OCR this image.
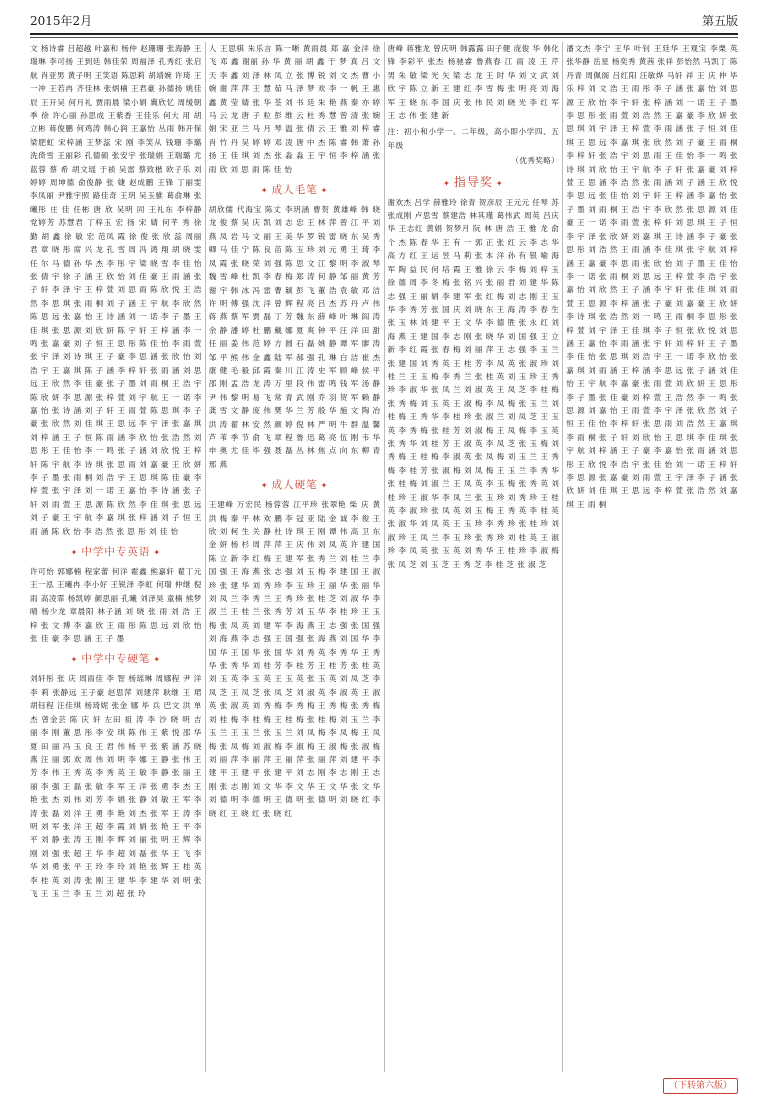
2015年2月	第五版
文 杨诗睿 吕超越 叶嘉和 杨仲 赵珊珊 张海静 王瑞琳 李可扬 王到廷 韩佳荣 周福泽 孔秀红 张启航 肖亚男 黄子明 王笑语 陈思莉 胡靖婉 许琦 王一冲 王若冉 齐佳林 张炳楠 王君豪 孙德扬 姚佳辰 王开吴 何月礼 贾雨晨 梁小娟 冀欣忆 周缓朝 季 徐 许心丽 孙思成 王紫香 王佳乐 何大 用 胡立彬 蒋俊鹏 何鸡涛 韩心润 王嘉怡 丛雨 韩开保 梁肥虹 宋梓涵 王梦蕊 宋 刚 李笑从 钱珊 李璐 洗倚雪 王丽彩 孔德硕 张安宇 张瑞娟 王瑞璐 尤蓝蓉 蔡 希 胡文瑶 于祯 吴雷 蔡致楷 欧子乐 刘婷婷 周坤德 俞俊静 张 婕 赵成鹏 王锋 丁丽雯 李凤丽 尹雅宇照 路佳奇 王玥 吴玉骓 葛俞琳 张曦彤 庄 佳 任彬 唐 欣 吴明 同 王礼东 李梓静 党婷芳 苏慧君 丁梓玉 宏 扬 宋 婧 何芊 秀 徐 勤 胡 鑫 徐 敏 宏 范凤 霞 徐 俊 张 欣 蕊 周丽 君 章 晓 彤 席 兴 龙 孔 雪 周 冯 鸿 翔 胡 晓 雯 任 尔 马 德 孙 华 杰 李 彤 宇 梁 晓 雪 李 佳 怡 张 倩 宇 徐 子 涵 王 欣 怡 刘 佳 豪 王 雨 涵 张 子 轩 李 泽 宇 王 梓 萱 刘 思 雨 陈 欣 悦 王 浩 然 李 思 琪 张 雨 桐 刘 子 涵 王 宇 航 李 欣 然 陈 思 远 张 嘉 怡 王 诗 涵 刘 一 诺 李 子 墨 王 佳 琪 张 思 源 刘 欣 妍 陈 宇 轩 王 梓 涵 李 一 鸣 张 嘉 豪 刘 子 恒 王 思 彤 陈 佳 怡 李 雨 萱 张 宇 泽 刘 诗 琪 王 子 豪 李 思 涵 张 欣 怡 刘 浩 宇 王 嘉 琪 陈 子 涵 李 梓 轩 张 雨 涵 刘 思 远 王 欣 然 李 佳 豪 张 子 墨 刘 雨 桐 王 浩 宇 陈 欣 妍 李 思 源 张 梓 萱 刘 宇 航 王 一 诺 李 嘉 怡 张 诗 涵 刘 子 轩 王 雨 萱 陈 思 琪 李 子 豪 张 欣 然 刘 佳 琪 王 思 远 李 宇 泽 张 嘉 琪 刘 梓 涵 王 子 恒 陈 雨 涵 李 欣 怡 张 浩 然 刘 思 彤 王 佳 怡 李 一 鸣 张 子 涵 刘 欣 悦 王 梓 轩 陈 宇 航 李 诗 琪 张 思 雨 刘 嘉 豪 王 欣 妍 李 子 墨 张 雨 桐 刘 浩 宇 王 思 琪 陈 佳 豪 李 梓 萱 张 宇 泽 刘 一 诺 王 嘉 怡 李 诗 涵 张 子 轩 刘 雨 萱 王 思 源 陈 欣 然 李 佳 琪 张 思 远 刘 子 豪 王 宇 航 李 嘉 琪 张 梓 涵 刘 子 恒 王 雨 涵 陈 欣 怡 李 浩 然 张 思 彤 刘 佳 怡
✦ 中学中专英语 ✦
许可怡 郭娜楠 程家蕾 何洋 霍鑫 熊嘉轩 翟丁元 王一泓 王曦冉 李小好 王锐泽 李虹 何瑞 仲继 倪雨 高凌霏 杨凯婷 颜思丽 孔曦 刘泽昊 童楠 熊梦晴 杨少龙 章晨阳 林子涵 刘 晓 张 雨 刘 浩 王 梓 张 文 博 李 嘉 欣 王 雨 彤 陈 思 远 刘 欣 怡 张 佳 豪 李 思 涵 王 子 墨
✦ 中学中专硬笔 ✦
刘轩彤 张 庆 周雨佳 李 智 杨瑶琳 周娜程 尹 洋 李 莉 张静远 王子豪 赵思萍 刘建萍 耿继 王 珺 胡钰程 汪佳琪 杨琦妮 张金 娜 毕 兵 巴文 洪 单 杰 曾金芸 陈 庆 轩 左田 祖 涛 李 沙 晓 明 吉 丽 李 刚 董 思 彤 李 安 琪 陈 伟 王 紫 悦 邵 华 夏 田 丽 冯 玉 良 王 君 伟 杨 平 张 紫 涵 苏 晓 燕 汪 丽 郭 欢 周 伟 刘 明 李 娜 王 静 张 伟 王 芳 李 伟 王 秀 英 李 秀 英 王 敏 李 静 张 丽 王 丽 李 强 王 磊 张 敏 李 军 王 洋 张 勇 李 杰 王 艳 张 杰 刘 伟 刘 芳 李 娟 张 静 刘 敏 王 军 李 涛 张 磊 刘 洋 王 勇 李 艳 刘 杰 张 军 王 涛 李 明 刘 军 张 洋 王 超 李 霞 刘 娟 张 艳 王 平 李 平 刘 静 张 涛 王 刚 李 辉 刘 丽 张 明 王 辉 李 刚 刘 强 张 超 王 华 李 超 刘 磊 张 华 王 飞 李 华 刘 勇 张 平 王 玲 李 玲 刘 艳 张 辉 王 桂 英 李 桂 英 刘 涛 张 刚 王 建 华 李 建 华 刘 明 张 飞 王 玉 兰 李 玉 兰 刘 超 张 玲
人 王思棋 朱乐言 陈一晰 黄雨晨 郑 嘉 金洋 徐 飞 邓 鑫 谢丽 孙 华 黄 丽 胡 鑫 于 梦 真 吕 文 天 李 鑫 刘 泽 林 凤 立 张 博 锐 刘 文 杰 曹 小 婉 谢 萍 萍 王 慧 茹 马 泽 梦 欢 李 一 帆 王 惠 鑫 黄 莹 婧 张 华 荃 刘 书 廷 朱 艳 燕 秦 亦 婷 马 云 龙 唐 子 粒 彭 维 云 杜 秀 慧 曾 清 张 婉 娟 宋 亚 兰 马 月 琴 温 张 倩 云 王 雅 刘 梓 睿 肖 竹 丹 吴 婷 婷 邓 凌 唐 中 杰 陈 睿 韩 萧 孙 扬 王 佳 琪 刘 杰 张 淼 淼 王 宇 恒 李 梓 涵 张 雨 欣 刘 思 雨 陈 佳 怡
✦ 成人毛笔 ✦
胡欣儒 代海宝 陈丈 李玥涵 曹贺 黄雄峰 韩 晓 龙 俊 蔡 吴 庆 凯 刘 志 忠 王 林 萍 曾 江 平 刘 燕 凤 岩 马 文 丽 王 美 华 罗 锐 雷 晓 东 吴 秀 卿 马 佳 宁 陈 良 苗 陈 玉 珍 刘 元 勇 王 琦 李 凤 霞 张 晓 荣 刘 强 陈 思 文 江 黎 明 李 淑 琴 魏 雪 峰 杜 凯 李 春 梅 郑 涛 何 静 邹 丽 黄 芳 谢 宇 韩 冰 冯 雷 曹 颖 彭 飞 董 浩 袁 敏 邓 洁 许 明 傅 强 沈 洋 曾 辉 程 亮 吕 杰 苏 丹 卢 伟 蒋 燕 蔡 军 贾 磊 丁 芳 魏 东 薛 峰 叶 琳 阎 涛 余 静 潘 婷 杜 鹏 戴 娜 夏 爽 钟 平 汪 洋 田 甜 任 丽 姜 伟 范 婷 方 圆 石 磊 姚 静 谭 军 廖 涛 邹 平 熊 伟 金 鑫 陆 军 郝 强 孔 琳 白 洁 崔 杰 康 健 毛 毅 邱 霞 秦 川 江 涛 史 军 顾 峰 侯 平 邵 刚 孟 浩 龙 涛 万 里 段 伟 雷 鸣 钱 军 汤 静 尹 伟 黎 明 易 飞 常 青 武 刚 乔 羽 贺 军 赖 静 龚 雪 文 静 庞 伟 樊 华 兰 芳 殷 华 施 文 陶 冶 洪 涛 翟 林 安 然 颜 婷 倪 林 严 明 牛 群 温 馨 芦 苇 季 节 俞 飞 章 程 鲁 迅 葛 亮 伍 刚 韦 华 申 奥 尤 佳 毕 强 聂 磊 丛 林 焦 点 向 东 柳 青 邢 燕
✦ 成人硬笔 ✦
王建峰 万宏民 杨蓉蓉 江平珍 张翠艳 柴 庆 黄 洪 梅 秦 平 林 欢 鹏 李 冠 亚 陆 金 诚 李 俊 王 欣 刘 柯 生 关 静 杜 诗 琪 王 刚 谭 伟 高 卫 东 金 妍 杨 杉 周 萍 萍 王 庆 伟 刘 凤 英 许 建 国 陈 立 新 李 红 梅 王 建 军 张 秀 兰 刘 桂 兰 李 国 强 王 海 燕 张 志 强 刘 玉 梅 李 建 国 王 淑 珍 张 建 华 刘 秀 珍 李 玉 珍 王 丽 华 张 丽 华 刘 凤 兰 李 秀 兰 王 秀 珍 张 桂 芝 刘 淑 华 李 淑 兰 王 桂 兰 张 秀 芳 刘 玉 华 李 桂 珍 王 玉 梅 张 凤 英 刘 建 军 李 海 燕 王 志 强 张 国 强 刘 海 燕 李 志 强 王 国 强 张 海 燕 刘 国 华 李 国 华 王 国 华 张 国 华 刘 秀 英 李 秀 华 王 秀 华 张 秀 华 刘 桂 芳 李 桂 芳 王 桂 芳 张 桂 英 刘 玉 英 李 玉 英 王 玉 英 张 玉 英 刘 凤 芝 李 凤 芝 王 凤 芝 张 凤 芝 刘 淑 英 李 淑 英 王 淑 英 张 淑 英 刘 秀 梅 李 秀 梅 王 秀 梅 张 秀 梅 刘 桂 梅 李 桂 梅 王 桂 梅 张 桂 梅 刘 玉 兰 李 玉 兰 王 玉 兰 张 玉 兰 刘 凤 梅 李 凤 梅 王 凤 梅 张 凤 梅 刘 淑 梅 李 淑 梅 王 淑 梅 张 淑 梅 刘 丽 萍 李 丽 萍 王 丽 萍 张 丽 萍 刘 建 平 李 建 平 王 建 平 张 建 平 刘 志 刚 李 志 刚 王 志 刚 张 志 刚 刘 文 华 李 文 华 王 文 华 张 文 华 刘 德 明 李 德 明 王 德 明 张 德 明 刘 晓 红 李 晓 红 王 晓 红 张 晓 红
唐峰 蒋雅龙 曾庆明 韩露露 田子健 庞俊 华 韩化锋 李彩平 张杰 杨驰睿 鲁燕春 江 雨 凌 王 芹 男 朱 敏 梁 光 矢 梁 志 龙 王 时 华 刘 文 武 刘 欣 宇 陈 立 新 王 建 红 李 雪 梅 张 明 亮 刘 海 军 王 晓 东 李 国 庆 张 伟 民 刘 晓 光 李 红 军 王 志 伟 张 建 新
注：初小和小学一、二年级，高小即小学四、五年级
（优秀奖略）
✦ 指导奖 ✦
谢欢杰 吕学 薛雅玲 徐青 贺彦辰 王元元 任琴 苏 张成刚 卢思雪 蔡建浩 林其瑾 葛伟武 周英 吕庆华 王志红 黄娟 贺梦月 阮 林 唐 浩 王 雅 龙 俞 个 杰 陈 春 华 王 有 一 郭 正 张 红 云 李 志 华 高 方 红 王 运 昱 马 莉 张 本 洋 孙 有 银 喻 海 军 陶 益 民 何 培 霞 王 雅 徐 云 李 梅 刘 梓 玉 徐 德 周 李 冬 梅 张 铭 兴 张 丽 君 刘 建 华 陈 志 强 王 丽 娟 李 建 军 张 红 梅 刘 志 刚 王 玉 华 李 秀 芳 张 国 庆 刘 晓 东 王 海 涛 李 春 生 张 玉 林 刘 建 平 王 文 华 李 德 胜 张 永 红 刘 海 燕 王 建 国 李 志 刚 张 晓 华 刘 国 强 王 立 新 李 红 霞 张 春 梅 刘 丽 萍 王 志 强 李 玉 兰 张 建 国 刘 秀 英 王 桂 芳 李 凤 英 张 淑 珍 刘 桂 兰 王 玉 梅 李 秀 兰 张 桂 英 刘 玉 珍 王 秀 珍 李 淑 华 张 凤 兰 刘 淑 英 王 凤 芝 李 桂 梅 张 秀 梅 刘 玉 英 王 淑 梅 李 凤 梅 张 玉 兰 刘 桂 梅 王 秀 华 李 桂 珍 张 淑 兰 刘 凤 芝 王 玉 英 李 秀 梅 张 桂 芳 刘 淑 梅 王 凤 梅 李 玉 英 张 秀 华 刘 桂 芳 王 淑 英 李 凤 芝 张 玉 梅 刘 秀 梅 王 桂 梅 李 淑 英 张 凤 梅 刘 玉 兰 王 秀 梅 李 桂 芳 张 淑 梅 刘 凤 梅 王 玉 兰 李 秀 华 张 桂 梅 刘 淑 兰 王 凤 英 李 玉 梅 张 秀 英 刘 桂 珍 王 淑 华 李 凤 兰 张 玉 珍 刘 秀 珍 王 桂 英 李 淑 珍 张 凤 英 刘 玉 梅 王 秀 英 李 桂 英 张 淑 华 刘 凤 英 王 玉 珍 李 秀 珍 张 桂 珍 刘 淑 珍 王 凤 兰 李 玉 珍 张 秀 珍 刘 桂 英 王 淑 珍 李 凤 英 张 玉 英 刘 秀 华 王 桂 珍 李 淑 梅 张 凤 芝 刘 玉 芝 王 秀 芝 李 桂 芝 张 淑 芝
潘文杰 李宁 王华 叶钊 王廷华 王观宝 李栗 英 张华静 岳星 杨奕秀 黄茜 张祥 彭怡然 马凯丁 陈丹青 周佩阁 吕红阳 汪敏烨 马轩 祥 王 庆 仲 毕 乐 梓 刘 文 浩 王 雨 彤 李 子 涵 张 嘉 怡 刘 思 源 王 欣 怡 李 宇 轩 张 梓 涵 刘 一 诺 王 子 墨 李 思 彤 张 雨 萱 刘 浩 然 王 嘉 豪 李 欣 妍 张 思 琪 刘 宇 泽 王 梓 萱 李 雨 涵 张 子 恒 刘 佳 琪 王 思 远 李 嘉 琪 张 欣 然 刘 子 豪 王 雨 桐 李 梓 轩 张 浩 宇 刘 思 雨 王 佳 怡 李 一 鸣 张 诗 琪 刘 欣 怡 王 宇 航 李 子 轩 张 嘉 豪 刘 梓 萱 王 思 涵 李 浩 然 张 雨 涵 刘 子 涵 王 欣 悦 李 思 远 张 佳 怡 刘 宇 轩 王 梓 涵 李 嘉 怡 张 子 墨 刘 雨 桐 王 浩 宇 李 欣 然 张 思 源 刘 佳 豪 王 一 诺 李 雨 萱 张 梓 轩 刘 思 琪 王 子 恒 李 宇 泽 张 欣 妍 刘 嘉 琪 王 诗 涵 李 子 豪 张 思 彤 刘 浩 然 王 雨 涵 李 佳 琪 张 宇 航 刘 梓 涵 王 嘉 豪 李 思 雨 张 欣 怡 刘 子 墨 王 佳 怡 李 一 诺 张 雨 桐 刘 思 远 王 梓 萱 李 浩 宇 张 嘉 怡 刘 欣 然 王 子 涵 李 宇 轩 张 佳 琪 刘 雨 萱 王 思 源 李 梓 涵 张 子 豪 刘 嘉 豪 王 欣 妍 李 诗 琪 张 浩 然 刘 一 鸣 王 雨 桐 李 思 彤 张 梓 萱 刘 宇 泽 王 佳 琪 李 子 恒 张 欣 悦 刘 思 涵 王 嘉 怡 李 雨 涵 张 宇 轩 刘 梓 轩 王 子 墨 李 佳 怡 张 思 琪 刘 浩 宇 王 一 诺 李 欣 怡 张 嘉 琪 刘 雨 涵 王 梓 涵 李 思 远 张 子 涵 刘 佳 怡 王 宇 航 李 嘉 豪 张 雨 萱 刘 欣 妍 王 思 彤 李 子 墨 张 佳 豪 刘 梓 萱 王 浩 然 李 一 鸣 张 思 源 刘 嘉 怡 王 雨 萱 李 宇 泽 张 欣 然 刘 子 恒 王 佳 怡 李 梓 轩 张 思 雨 刘 浩 然 王 嘉 琪 李 雨 桐 张 子 轩 刘 欣 怡 王 思 琪 李 佳 琪 张 宇 航 刘 梓 涵 王 子 豪 李 嘉 怡 张 雨 涵 刘 思 彤 王 欣 悦 李 浩 宇 张 佳 怡 刘 一 诺 王 梓 轩 李 思 源 张 嘉 豪 刘 雨 萱 王 宇 泽 李 子 涵 张 欣 妍 刘 佳 琪 王 思 远 李 梓 萱 张 浩 然 刘 嘉 琪 王 雨 桐
（下转第六版）
